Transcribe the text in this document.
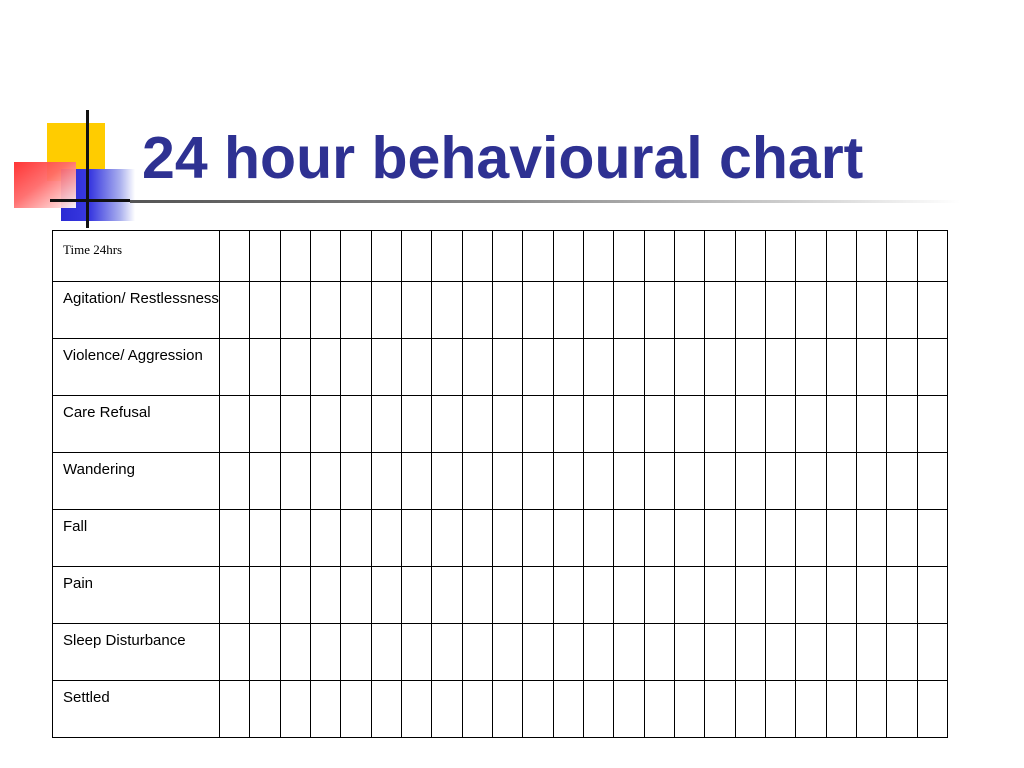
24 hour behavioural chart
Time 24hrs																								
Agitation/ Restlessness																								
Violence/ Aggression																								
Care Refusal																								
Wandering																								
Fall																								
Pain																								
Sleep Disturbance																								
Settled																								
